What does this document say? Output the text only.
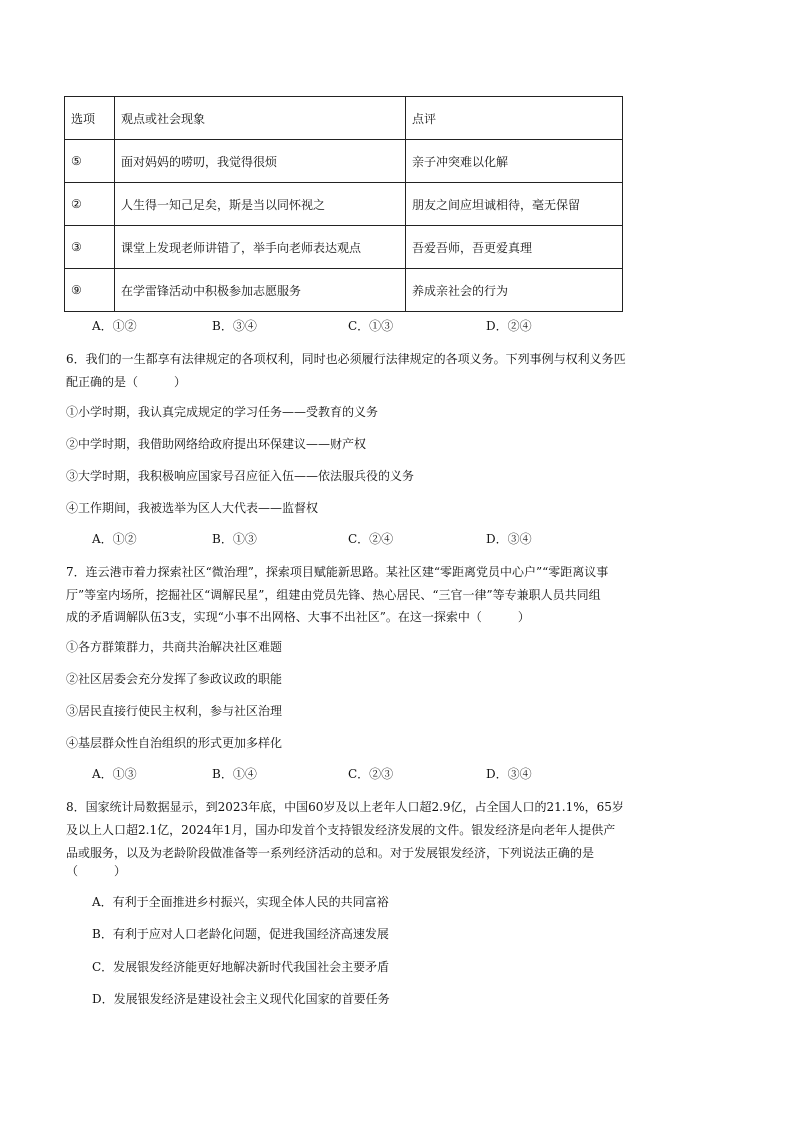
选项	观点或社会现象	点评
⑤	面对妈妈的唠叨，我觉得很烦	亲子冲突难以化解
②	人生得一知己足矣，斯是当以同怀视之	朋友之间应坦诚相待，毫无保留
③	课堂上发现老师讲错了，举手向老师表达观点	吾爱吾师，吾更爱真理
⑨	在学雷锋活动中积极参加志愿服务	养成亲社会的行为
A．①②	B．③④	C．①③	D．②④
6．我们的一生都享有法律规定的各项权利，同时也必须履行法律规定的各项义务。下列事例与权利义务匹
配正确的是（　　　）
①小学时期，我认真完成规定的学习任务——受教育的义务
②中学时期，我借助网络给政府提出环保建议——财产权
③大学时期，我积极响应国家号召应征入伍——依法服兵役的义务
④工作期间，我被选举为区人大代表——监督权
A．①②	B．①③	C．②④	D．③④
7．连云港市着力探索社区“微治理”，探索项目赋能新思路。某社区建“零距离党员中心户”“零距离议事
厅”等室内场所，挖掘社区“调解民星”，组建由党员先锋、热心居民、“三官一律”等专兼职人员共同组
成的矛盾调解队伍3支，实现“小事不出网格、大事不出社区”。在这一探索中（　　　）
①各方群策群力，共商共治解决社区难题
②社区居委会充分发挥了参政议政的职能
③居民直接行使民主权利，参与社区治理
④基层群众性自治组织的形式更加多样化
A．①③	B．①④	C．②③	D．③④
8．国家统计局数据显示，到2023年底，中国60岁及以上老年人口超2.9亿，占全国人口的21.1%，65岁
及以上人口超2.1亿，2024年1月，国办印发首个支持银发经济发展的文件。银发经济是向老年人提供产
品或服务，以及为老龄阶段做准备等一系列经济活动的总和。对于发展银发经济，下列说法正确的是
（　　　）
A．有利于全面推进乡村振兴，实现全体人民的共同富裕
B．有利于应对人口老龄化问题，促进我国经济高速发展
C．发展银发经济能更好地解决新时代我国社会主要矛盾
D．发展银发经济是建设社会主义现代化国家的首要任务
